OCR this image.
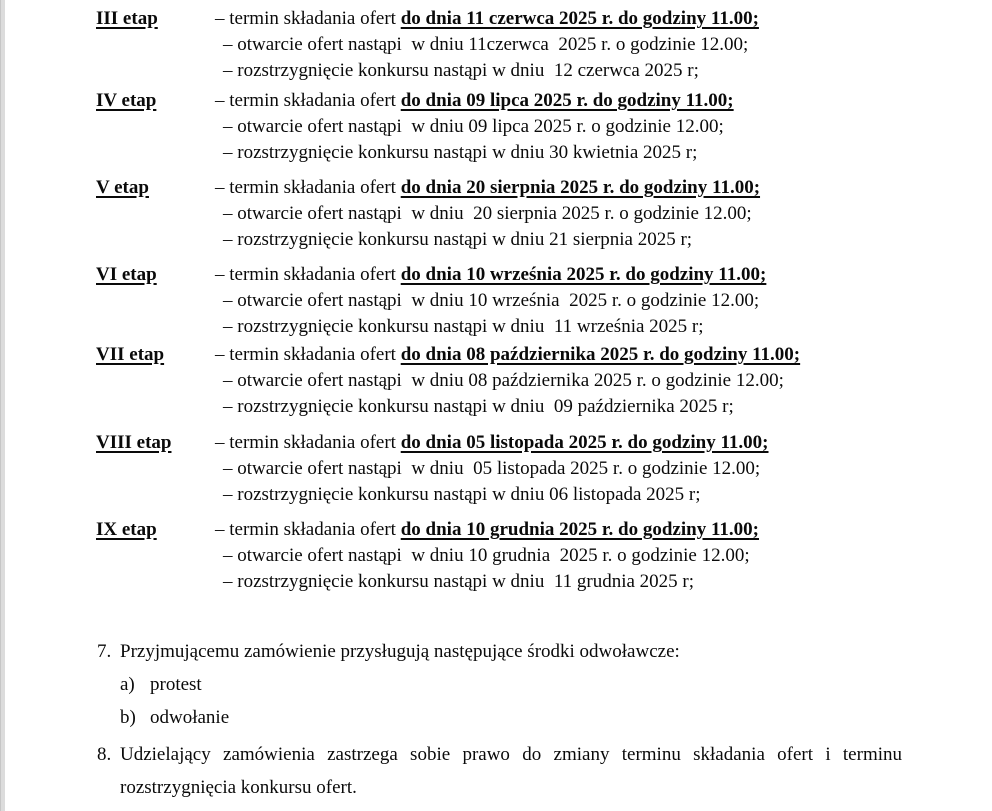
III etap	– termin składania ofert do dnia 11 czerwca 2025 r. do godziny 11.00;
– otwarcie ofert nastąpi  w dniu 11czerwca  2025 r. o godzinie 12.00;
– rozstrzygnięcie konkursu nastąpi w dniu  12 czerwca 2025 r;
IV etap	– termin składania ofert do dnia 09 lipca 2025 r. do godziny 11.00;
– otwarcie ofert nastąpi  w dniu 09 lipca 2025 r. o godzinie 12.00;
– rozstrzygnięcie konkursu nastąpi w dniu 30 kwietnia 2025 r;
V etap	– termin składania ofert do dnia 20 sierpnia 2025 r. do godziny 11.00;
– otwarcie ofert nastąpi  w dniu  20 sierpnia 2025 r. o godzinie 12.00;
– rozstrzygnięcie konkursu nastąpi w dniu 21 sierpnia 2025 r;
VI etap	– termin składania ofert do dnia 10 września 2025 r. do godziny 11.00;
– otwarcie ofert nastąpi  w dniu 10 września  2025 r. o godzinie 12.00;
– rozstrzygnięcie konkursu nastąpi w dniu  11 września 2025 r;
VII etap	– termin składania ofert do dnia 08 października 2025 r. do godziny 11.00;
– otwarcie ofert nastąpi  w dniu 08 października 2025 r. o godzinie 12.00;
– rozstrzygnięcie konkursu nastąpi w dniu  09 października 2025 r;
VIII etap – termin składania ofert do dnia 05 listopada 2025 r. do godziny 11.00;
– otwarcie ofert nastąpi  w dniu  05 listopada 2025 r. o godzinie 12.00;
– rozstrzygnięcie konkursu nastąpi w dniu 06 listopada 2025 r;
IX etap	– termin składania ofert do dnia 10 grudnia 2025 r. do godziny 11.00;
– otwarcie ofert nastąpi  w dniu 10 grudnia  2025 r. o godzinie 12.00;
– rozstrzygnięcie konkursu nastąpi w dniu  11 grudnia 2025 r;
7. Przyjmującemu zamówienie przysługują następujące środki odwoławcze:
a) protest
b) odwołanie
8. Udzielający zamówienia zastrzega sobie prawo do zmiany terminu składania ofert i terminu
rozstrzygnięcia konkursu ofert.
